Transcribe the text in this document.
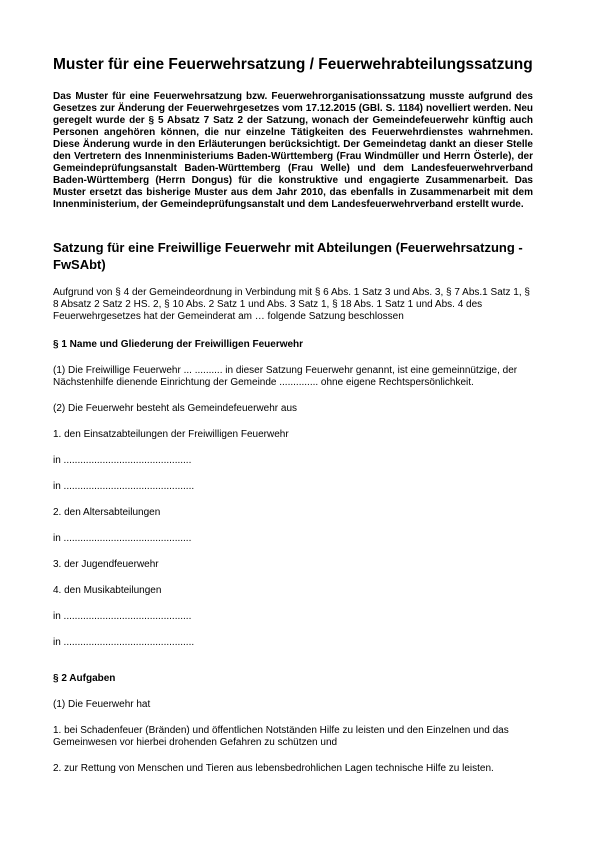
Muster für eine Feuerwehrsatzung / Feuerwehrabteilungssatzung

Das Muster für eine Feuerwehrsatzung bzw. Feuerwehrorganisationssatzung musste aufgrund des Gesetzes zur Änderung der Feuerwehrgesetzes vom 17.12.2015 (GBl. S. 1184) novelliert werden. Neu geregelt wurde der § 5 Absatz 7 Satz 2 der Satzung, wonach der Gemeindefeuerwehr künftig auch Personen angehören können, die nur einzelne Tätigkeiten des Feuerwehrdienstes wahrnehmen. Diese Änderung wurde in den Erläuterungen berücksichtigt. Der Gemeindetag dankt an dieser Stelle den Vertretern des Innenministeriums Baden-Württemberg (Frau Windmüller und Herrn Österle), der Gemeindeprüfungsanstalt Baden-Württemberg (Frau Welle) und dem Landesfeuerwehrverband Baden-Württemberg (Herrn Dongus) für die konstruktive und engagierte Zusammenarbeit. Das Muster ersetzt das bisherige Muster aus dem Jahr 2010, das ebenfalls in Zusammenarbeit mit dem Innenministerium, der Gemeindeprüfungsanstalt und dem Landesfeuerwehrverband erstellt wurde.

Satzung für eine Freiwillige Feuerwehr mit Abteilungen (Feuerwehrsatzung - FwSAbt)

Aufgrund von § 4 der Gemeindeordnung in Verbindung mit § 6 Abs. 1 Satz 3 und Abs. 3, § 7 Abs.1 Satz 1, § 8 Absatz 2 Satz 2 HS. 2, § 10 Abs. 2 Satz 1 und Abs. 3 Satz 1, § 18 Abs. 1 Satz 1 und Abs. 4 des Feuerwehrgesetzes hat der Gemeinderat am … folgende Satzung beschlossen

§ 1 Name und Gliederung der Freiwilligen Feuerwehr

(1) Die Freiwillige Feuerwehr ... .......... in dieser Satzung Feuerwehr genannt, ist eine gemeinnützige, der Nächstenhilfe dienende Einrichtung der Gemeinde .............. ohne eigene Rechtspersönlichkeit.

(2) Die Feuerwehr besteht als Gemeindefeuerwehr aus

1. den Einsatzabteilungen der Freiwilligen Feuerwehr

in ..............................................

in ...............................................

2. den Altersabteilungen

in ..............................................

3. der Jugendfeuerwehr

4. den Musikabteilungen

in ..............................................

in ...............................................

§ 2 Aufgaben

(1) Die Feuerwehr hat

1. bei Schadenfeuer (Bränden) und öffentlichen Notständen Hilfe zu leisten und den Einzelnen und das Gemeinwesen vor hierbei drohenden Gefahren zu schützen und

2. zur Rettung von Menschen und Tieren aus lebensbedrohlichen Lagen technische Hilfe zu leisten.
